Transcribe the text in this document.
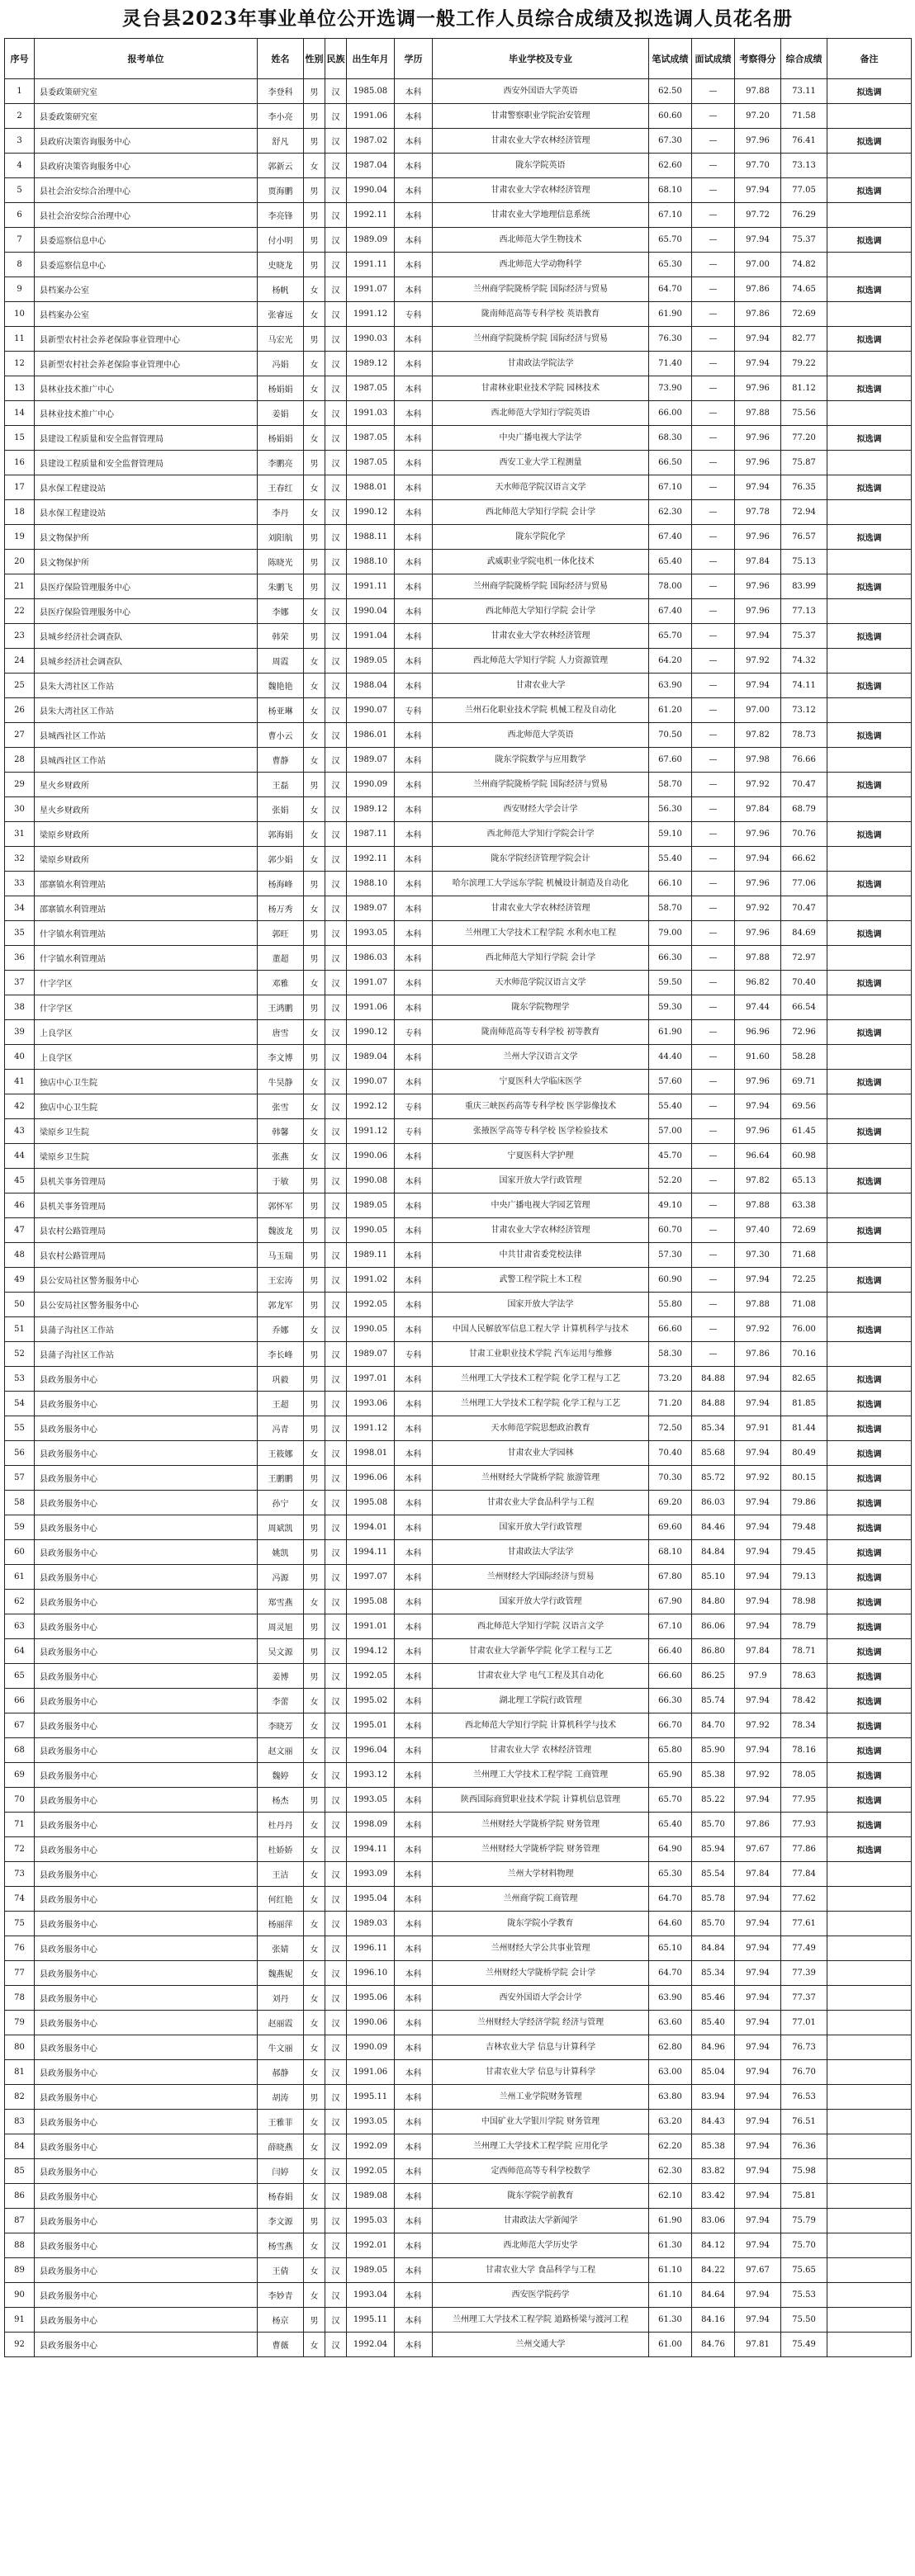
灵台县2023年事业单位公开选调一般工作人员综合成绩及拟选调人员花名册
序号	报考单位	姓名	性别	民族	出生年月	学历	毕业学校及专业	笔试成绩	面试成绩	考察得分	综合成绩	备注
1	县委政策研究室	李登科	男	汉	1985.08	本科	西安外国语大学英语	62.50	—	97.88	73.11	拟选调
2	县委政策研究室	李小亮	男	汉	1991.06	本科	甘肃警察职业学院治安管理	60.60	—	97.20	71.58	
3	县政府决策咨询服务中心	舒凡	男	汉	1987.02	本科	甘肃农业大学农林经济管理	67.30	—	97.96	76.41	拟选调
4	县政府决策咨询服务中心	郭新云	女	汉	1987.04	本科	陇东学院英语	62.60	—	97.70	73.13	
5	县社会治安综合治理中心	贾海鹏	男	汉	1990.04	本科	甘肃农业大学农林经济管理	68.10	—	97.94	77.05	拟选调
6	县社会治安综合治理中心	李亮锋	男	汉	1992.11	本科	甘肃农业大学地理信息系统	67.10	—	97.72	76.29	
7	县委巡察信息中心	付小明	男	汉	1989.09	本科	西北师范大学生物技术	65.70	—	97.94	75.37	拟选调
8	县委巡察信息中心	史晓龙	男	汉	1991.11	本科	西北师范大学动物科学	65.30	—	97.00	74.82	
9	县档案办公室	杨帆	女	汉	1991.07	本科	兰州商学院陇桥学院 国际经济与贸易	64.70	—	97.86	74.65	拟选调
10	县档案办公室	张睿远	女	汉	1991.12	专科	陇南师范高等专科学校 英语教育	61.90	—	97.86	72.69	
11	县新型农村社会养老保险事业管理中心	马宏光	男	汉	1990.03	本科	兰州商学院陇桥学院 国际经济与贸易	76.30	—	97.94	82.77	拟选调
12	县新型农村社会养老保险事业管理中心	冯娟	女	汉	1989.12	本科	甘肃政法学院法学	71.40	—	97.94	79.22	
13	县林业技术推广中心	杨娟娟	女	汉	1987.05	本科	甘肃林业职业技术学院 园林技术	73.90	—	97.96	81.12	拟选调
14	县林业技术推广中心	姜娟	女	汉	1991.03	本科	西北师范大学知行学院英语	66.00	—	97.88	75.56	
15	县建设工程质量和安全监督管理局	杨娟娟	女	汉	1987.05	本科	中央广播电视大学法学	68.30	—	97.96	77.20	拟选调
16	县建设工程质量和安全监督管理局	李鹏亮	男	汉	1987.05	本科	西安工业大学工程测量	66.50	—	97.96	75.87	
17	县水保工程建设站	王春红	女	汉	1988.01	本科	天水师范学院汉语言文学	67.10	—	97.94	76.35	拟选调
18	县水保工程建设站	李丹	女	汉	1990.12	本科	西北师范大学知行学院 会计学	62.30	—	97.78	72.94	
19	县文物保护所	刘阳航	男	汉	1988.11	本科	陇东学院化学	67.40	—	97.96	76.57	拟选调
20	县文物保护所	陈晓光	男	汉	1988.10	本科	武威职业学院电机一体化技术	65.40	—	97.84	75.13	
21	县医疗保险管理服务中心	朱鹏飞	男	汉	1991.11	本科	兰州商学院陇桥学院 国际经济与贸易	78.00	—	97.96	83.99	拟选调
22	县医疗保险管理服务中心	李娜	女	汉	1990.04	本科	西北师范大学知行学院 会计学	67.40	—	97.96	77.13	
23	县城乡经济社会调查队	韩荣	男	汉	1991.04	本科	甘肃农业大学农林经济管理	65.70	—	97.94	75.37	拟选调
24	县城乡经济社会调查队	周霞	女	汉	1989.05	本科	西北师范大学知行学院 人力资源管理	64.20	—	97.92	74.32	
25	县朱大湾社区工作站	魏艳艳	女	汉	1988.04	本科	甘肃农业大学	63.90	—	97.94	74.11	拟选调
26	县朱大湾社区工作站	杨亚琳	女	汉	1990.07	专科	兰州石化职业技术学院 机械工程及自动化	61.20	—	97.00	73.12	
27	县城西社区工作站	曹小云	女	汉	1986.01	本科	西北师范大学英语	70.50	—	97.82	78.73	拟选调
28	县城西社区工作站	曹静	女	汉	1989.07	本科	陇东学院数学与应用数学	67.60	—	97.98	76.66	
29	星火乡财政所	王磊	男	汉	1990.09	本科	兰州商学院陇桥学院 国际经济与贸易	58.70	—	97.92	70.47	拟选调
30	星火乡财政所	张娟	女	汉	1989.12	本科	西安财经大学会计学	56.30	—	97.84	68.79	
31	梁原乡财政所	郭海娟	女	汉	1987.11	本科	西北师范大学知行学院会计学	59.10	—	97.96	70.76	拟选调
32	梁原乡财政所	郭少娟	女	汉	1992.11	本科	陇东学院经济管理学院会计	55.40	—	97.94	66.62	
33	邵寨镇水利管理站	杨海峰	男	汉	1988.10	本科	哈尔滨理工大学远东学院 机械设计制造及自动化	66.10	—	97.96	77.06	拟选调
34	邵寨镇水利管理站	杨万秀	女	汉	1989.07	本科	甘肃农业大学农林经济管理	58.70	—	97.92	70.47	
35	什字镇水利管理站	郭旺	男	汉	1993.05	本科	兰州理工大学技术工程学院 水利水电工程	79.00	—	97.96	84.69	拟选调
36	什字镇水利管理站	董超	男	汉	1986.03	本科	西北师范大学知行学院 会计学	66.30	—	97.88	72.97	
37	什字学区	邓雅	女	汉	1991.07	本科	天水师范学院汉语言文学	59.50	—	96.82	70.40	拟选调
38	什字学区	王鸿鹏	男	汉	1991.06	本科	陇东学院物理学	59.30	—	97.44	66.54	
39	上良学区	唐雪	女	汉	1990.12	专科	陇南师范高等专科学校 初等教育	61.90	—	96.96	72.96	拟选调
40	上良学区	李文博	男	汉	1989.04	本科	兰州大学汉语言文学	44.40	—	91.60	58.28	
41	独店中心卫生院	牛昊静	女	汉	1990.07	本科	宁夏医科大学临床医学	57.60	—	97.96	69.71	拟选调
42	独店中心卫生院	张雪	女	汉	1992.12	专科	重庆三峡医药高等专科学校 医学影像技术	55.40	—	97.94	69.56	
43	梁原乡卫生院	韩馨	女	汉	1991.12	专科	张掖医学高等专科学校 医学检验技术	57.00	—	97.96	61.45	拟选调
44	梁原乡卫生院	张燕	女	汉	1990.06	本科	宁夏医科大学护理	45.70	—	96.64	60.98	
45	县机关事务管理局	于敏	男	汉	1990.08	本科	国家开放大学行政管理	52.20	—	97.82	65.13	拟选调
46	县机关事务管理局	郭怀军	男	汉	1989.05	本科	中央广播电视大学园艺管理	49.10	—	97.88	63.38	
47	县农村公路管理局	魏波龙	男	汉	1990.05	本科	甘肃农业大学农林经济管理	60.70	—	97.40	72.69	拟选调
48	县农村公路管理局	马玉瑞	男	汉	1989.11	本科	中共甘肃省委党校法律	57.30	—	97.30	71.68	
49	县公安局社区警务服务中心	王宏涛	男	汉	1991.02	本科	武警工程学院土木工程	60.90	—	97.94	72.25	拟选调
50	县公安局社区警务服务中心	郭龙军	男	汉	1992.05	本科	国家开放大学法学	55.80	—	97.88	71.08	
51	县蒲子沟社区工作站	乔娜	女	汉	1990.05	本科	中国人民解放军信息工程大学 计算机科学与技术	66.60	—	97.92	76.00	拟选调
52	县蒲子沟社区工作站	李长峰	男	汉	1989.07	专科	甘肃工业职业技术学院 汽车运用与维修	58.30	—	97.86	70.16	
53	县政务服务中心	巩毅	男	汉	1997.01	本科	兰州理工大学技术工程学院 化学工程与工艺	73.20	84.88	97.94	82.65	拟选调
54	县政务服务中心	王超	男	汉	1993.06	本科	兰州理工大学技术工程学院 化学工程与工艺	71.20	84.88	97.94	81.85	拟选调
55	县政务服务中心	冯青	男	汉	1991.12	本科	天水师范学院思想政治教育	72.50	85.34	97.91	81.44	拟选调
56	县政务服务中心	王筱娜	女	汉	1998.01	本科	甘肃农业大学园林	70.40	85.68	97.94	80.49	拟选调
57	县政务服务中心	王鹏鹏	男	汉	1996.06	本科	兰州财经大学陇桥学院 旅游管理	70.30	85.72	97.92	80.15	拟选调
58	县政务服务中心	孙宁	女	汉	1995.08	本科	甘肃农业大学食品科学与工程	69.20	86.03	97.94	79.86	拟选调
59	县政务服务中心	周斌凯	男	汉	1994.01	本科	国家开放大学行政管理	69.60	84.46	97.94	79.48	拟选调
60	县政务服务中心	姚凯	男	汉	1994.11	本科	甘肃政法大学法学	68.10	84.84	97.94	79.45	拟选调
61	县政务服务中心	冯源	男	汉	1997.07	本科	兰州财经大学国际经济与贸易	67.80	85.10	97.94	79.13	拟选调
62	县政务服务中心	郑雪燕	女	汉	1995.08	本科	国家开放大学行政管理	67.90	84.80	97.94	78.98	拟选调
63	县政务服务中心	周灵旭	男	汉	1991.01	本科	西北师范大学知行学院 汉语言文学	67.10	86.06	97.94	78.79	拟选调
64	县政务服务中心	吴文源	男	汉	1994.12	本科	甘肃农业大学新华学院 化学工程与工艺	66.40	86.80	97.84	78.71	拟选调
65	县政务服务中心	姜博	男	汉	1992.05	本科	甘肃农业大学 电气工程及其自动化	66.60	86.25	97.9	78.63	拟选调
66	县政务服务中心	李蕾	女	汉	1995.02	本科	湖北理工学院行政管理	66.30	85.74	97.94	78.42	拟选调
67	县政务服务中心	李晓芳	女	汉	1995.01	本科	西北师范大学知行学院 计算机科学与技术	66.70	84.70	97.92	78.34	拟选调
68	县政务服务中心	赵文丽	女	汉	1996.04	本科	甘肃农业大学 农林经济管理	65.80	85.90	97.94	78.16	拟选调
69	县政务服务中心	魏婷	女	汉	1993.12	本科	兰州理工大学技术工程学院 工商管理	65.90	85.38	97.92	78.05	拟选调
70	县政务服务中心	杨杰	男	汉	1993.05	本科	陕西国际商贸职业技术学院 计算机信息管理	65.70	85.22	97.94	77.95	拟选调
71	县政务服务中心	杜丹丹	女	汉	1998.09	本科	兰州财经大学陇桥学院 财务管理	65.40	85.70	97.86	77.93	拟选调
72	县政务服务中心	杜娇娇	女	汉	1994.11	本科	兰州财经大学陇桥学院 财务管理	64.90	85.94	97.67	77.86	拟选调
73	县政务服务中心	王洁	女	汉	1993.09	本科	兰州大学材料物理	65.30	85.54	97.84	77.84	
74	县政务服务中心	何红艳	女	汉	1995.04	本科	兰州商学院工商管理	64.70	85.78	97.94	77.62	
75	县政务服务中心	杨丽萍	女	汉	1989.03	本科	陇东学院小学教育	64.60	85.70	97.94	77.61	
76	县政务服务中心	张婧	女	汉	1996.11	本科	兰州财经大学公共事业管理	65.10	84.84	97.94	77.49	
77	县政务服务中心	魏燕妮	女	汉	1996.10	本科	兰州财经大学陇桥学院 会计学	64.70	85.34	97.94	77.39	
78	县政务服务中心	刘丹	女	汉	1995.06	本科	西安外国语大学会计学	63.90	85.46	97.94	77.37	
79	县政务服务中心	赵丽霞	女	汉	1990.06	本科	兰州财经大学经济学院 经济与管理	63.60	85.40	97.94	77.01	
80	县政务服务中心	牛文丽	女	汉	1990.09	本科	吉林农业大学 信息与计算科学	62.80	84.96	97.94	76.73	
81	县政务服务中心	郝静	女	汉	1991.06	本科	甘肃农业大学 信息与计算科学	63.00	85.04	97.94	76.70	
82	县政务服务中心	胡涛	男	汉	1995.11	本科	兰州工业学院财务管理	63.80	83.94	97.94	76.53	
83	县政务服务中心	王雅菲	女	汉	1993.05	本科	中国矿业大学银川学院 财务管理	63.20	84.43	97.94	76.51	
84	县政务服务中心	薛晓燕	女	汉	1992.09	本科	兰州理工大学技术工程学院 应用化学	62.20	85.38	97.94	76.36	
85	县政务服务中心	闫婷	女	汉	1992.05	本科	定西师范高等专科学校数学	62.30	83.82	97.94	75.98	
86	县政务服务中心	杨春娟	女	汉	1989.08	本科	陇东学院学前教育	62.10	83.42	97.94	75.81	
87	县政务服务中心	李文源	男	汉	1995.03	本科	甘肃政法大学新闻学	61.90	83.06	97.94	75.79	
88	县政务服务中心	杨雪燕	女	汉	1992.01	本科	西北师范大学历史学	61.30	84.12	97.94	75.70	
89	县政务服务中心	王倩	女	汉	1989.05	本科	甘肃农业大学 食品科学与工程	61.10	84.22	97.67	75.65	
90	县政务服务中心	李妙青	女	汉	1993.04	本科	西安医学院药学	61.10	84.64	97.94	75.53	
91	县政务服务中心	杨京	男	汉	1995.11	本科	兰州理工大学技术工程学院 道路桥梁与渡河工程	61.30	84.16	97.94	75.50	
92	县政务服务中心	曹薇	女	汉	1992.04	本科	兰州交通大学	61.00	84.76	97.81	75.49	
